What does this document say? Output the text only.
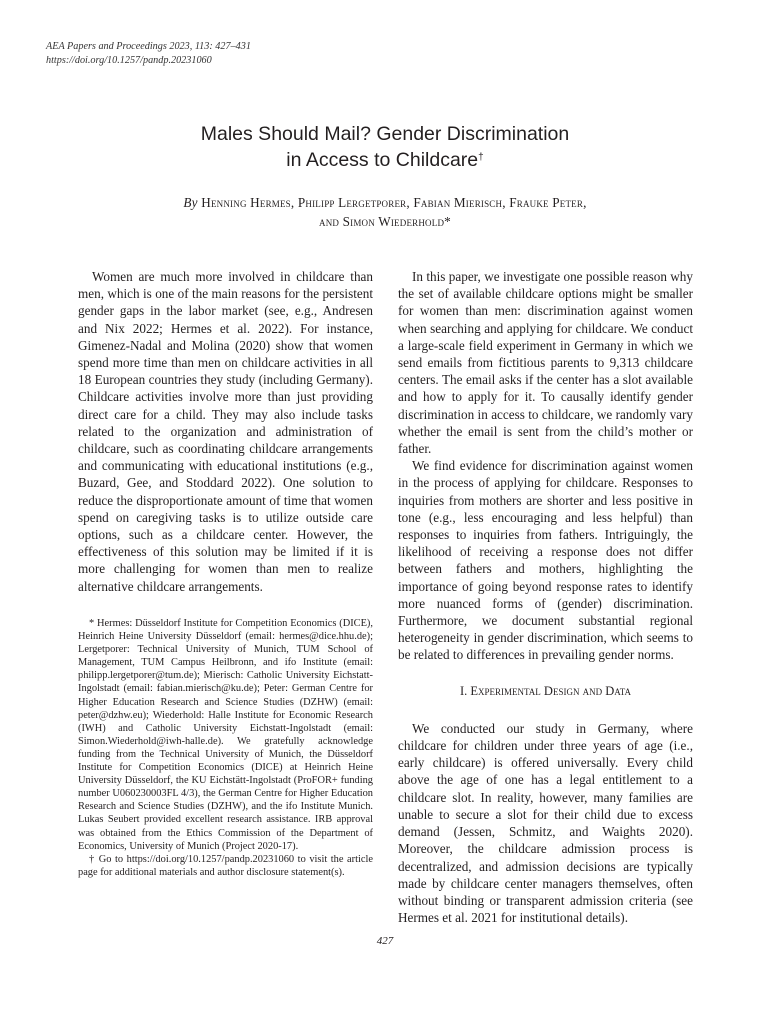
AEA Papers and Proceedings 2023, 113: 427–431
https://doi.org/10.1257/pandp.20231060
Males Should Mail? Gender Discrimination
in Access to Childcare†
By Henning Hermes, Philipp Lergetporer, Fabian Mierisch, Frauke Peter,
and Simon Wiederhold*

Women are much more involved in childcare than men, which is one of the main reasons for the persistent gender gaps in the labor market (see, e.g., Andresen and Nix 2022; Hermes et al. 2022). For instance, Gimenez-Nadal and Molina (2020) show that women spend more time than men on childcare activities in all 18 European countries they study (including Germany). Childcare activities involve more than just providing direct care for a child. They may also include tasks related to the organization and administration of childcare, such as coordinating childcare arrangements and communicating with educational institutions (e.g., Buzard, Gee, and Stoddard 2022). One solution to reduce the disproportionate amount of time that women spend on caregiving tasks is to utilize outside care options, such as a childcare center. However, the effectiveness of this solution may be limited if it is more challenging for women than men to realize alternative childcare arrangements.

* Hermes: Düsseldorf Institute for Competition Economics (DICE), Heinrich Heine University Düsseldorf (email: hermes@dice.hhu.de); Lergetporer: Technical University of Munich, TUM School of Management, TUM Campus Heilbronn, and ifo Institute (email: philipp.lergetporer@tum.de); Mierisch: Catholic University Eichstatt-Ingolstadt (email: fabian.mierisch@ku.de); Peter: German Centre for Higher Education Research and Science Studies (DZHW) (email: peter@dzhw.eu); Wiederhold: Halle Institute for Economic Research (IWH) and Catholic University Eichstatt-Ingolstadt (email: Simon.Wiederhold@iwh-halle.de). We gratefully acknowledge funding from the Technical University of Munich, the Düsseldorf Institute for Competition Economics (DICE) at Heinrich Heine University Düsseldorf, the KU Eichstätt-Ingolstadt (ProFOR+ funding number U060230003FL 4/3), the German Centre for Higher Education Research and Science Studies (DZHW), and the ifo Institute Munich. Lukas Seubert provided excellent research assistance. IRB approval was obtained from the Ethics Commission of the Department of Economics, University of Munich (Project 2020-17).

† Go to https://doi.org/10.1257/pandp.20231060 to visit the article page for additional materials and author disclosure statement(s).

In this paper, we investigate one possible reason why the set of available childcare options might be smaller for women than men: discrimination against women when searching and applying for childcare. We conduct a large-scale field experiment in Germany in which we send emails from fictitious parents to 9,313 childcare centers. The email asks if the center has a slot available and how to apply for it. To causally identify gender discrimination in access to childcare, we randomly vary whether the email is sent from the child’s mother or father.

We find evidence for discrimination against women in the process of applying for childcare. Responses to inquiries from mothers are shorter and less positive in tone (e.g., less encouraging and less helpful) than responses to inquiries from fathers. Intriguingly, the likelihood of receiving a response does not differ between fathers and mothers, highlighting the importance of going beyond response rates to identify more nuanced forms of (gender) discrimination. Furthermore, we document substantial regional heterogeneity in gender discrimination, which seems to be related to differences in prevailing gender norms.

I. Experimental Design and Data

We conducted our study in Germany, where childcare for children under three years of age (i.e., early childcare) is offered universally. Every child above the age of one has a legal entitlement to a childcare slot. In reality, however, many families are unable to secure a slot for their child due to excess demand (Jessen, Schmitz, and Waights 2020). Moreover, the childcare admission process is decentralized, and admission decisions are typically made by childcare center managers themselves, often without binding or transparent admission criteria (see Hermes et al. 2021 for institutional details).

427
